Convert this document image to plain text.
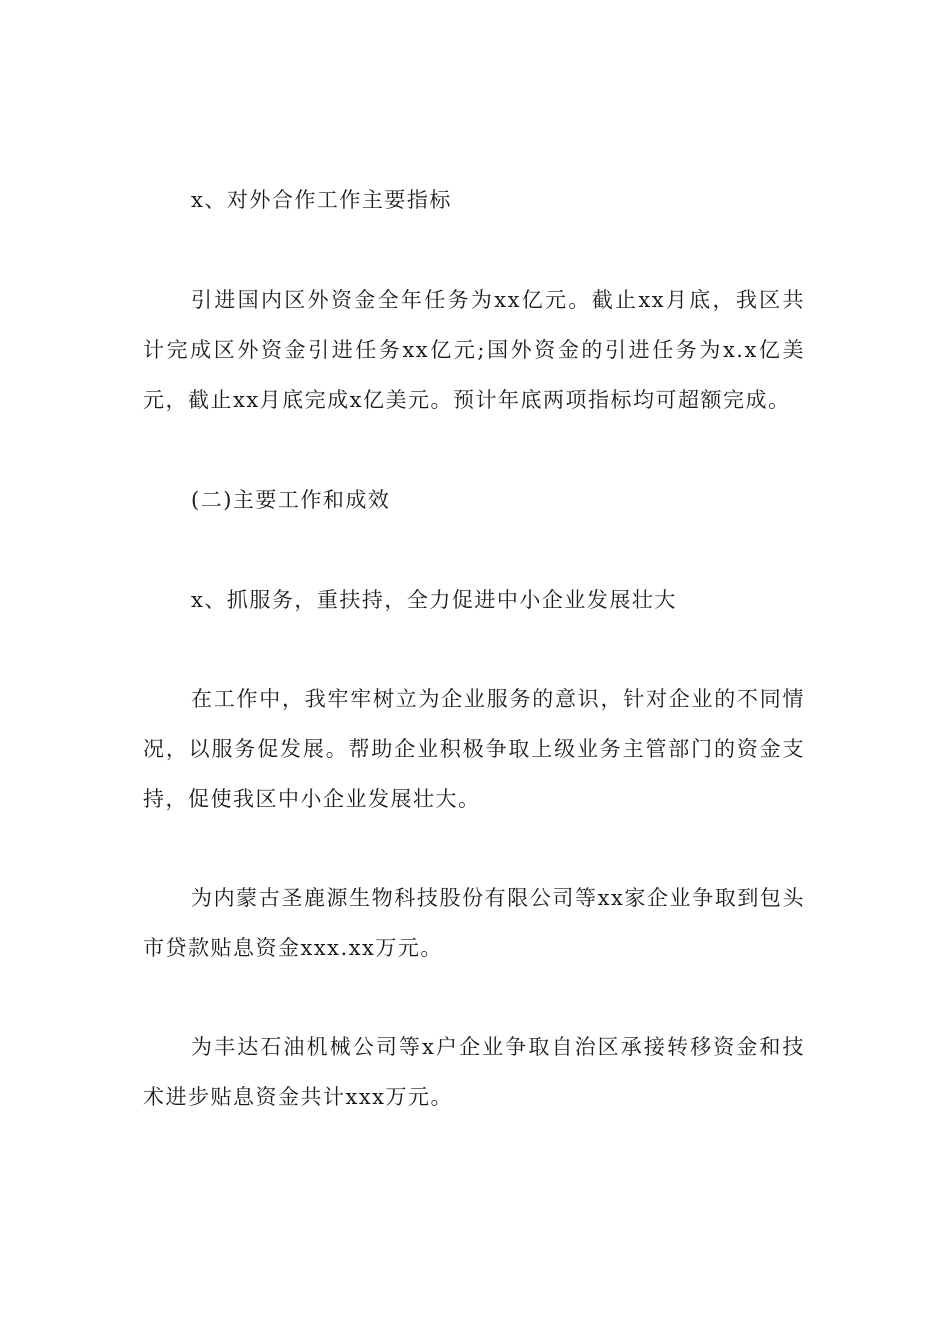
x、对外合作工作主要指标

引进国内区外资金全年任务为xx亿元。截止xx月底，我区共计完成区外资金引进任务xx亿元;国外资金的引进任务为x.x亿美元，截止xx月底完成x亿美元。预计年底两项指标均可超额完成。

(二)主要工作和成效

x、抓服务，重扶持，全力促进中小企业发展壮大

在工作中，我牢牢树立为企业服务的意识，针对企业的不同情况，以服务促发展。帮助企业积极争取上级业务主管部门的资金支持，促使我区中小企业发展壮大。

为内蒙古圣鹿源生物科技股份有限公司等xx家企业争取到包头市贷款贴息资金xxx.xx万元。

为丰达石油机械公司等x户企业争取自治区承接转移资金和技术进步贴息资金共计xxx万元。
